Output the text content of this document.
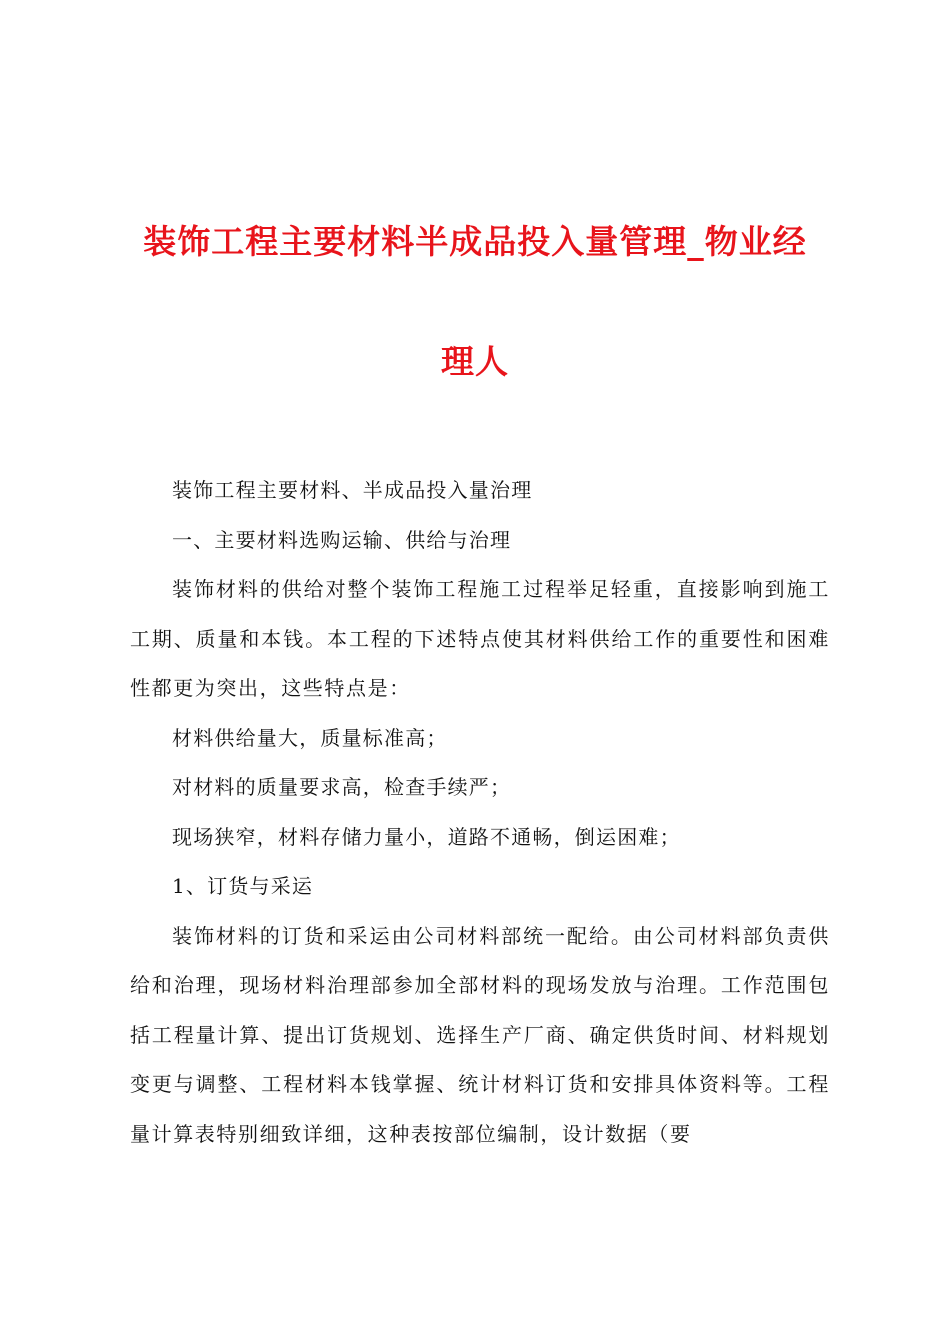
装饰工程主要材料半成品投入量管理_物业经
理人

装饰工程主要材料、半成品投入量治理

一、主要材料选购运输、供给与治理

装饰材料的供给对整个装饰工程施工过程举足轻重，直接影响到施工工期、质量和本钱。本工程的下述特点使其材料供给工作的重要性和困难性都更为突出，这些特点是：

材料供给量大，质量标准高；

对材料的质量要求高，检查手续严；

现场狭窄，材料存储力量小，道路不通畅，倒运困难；

1、订货与采运

装饰材料的订货和采运由公司材料部统一配给。由公司材料部负责供给和治理，现场材料治理部参加全部材料的现场发放与治理。工作范围包括工程量计算、提出订货规划、选择生产厂商、确定供货时间、材料规划变更与调整、工程材料本钱掌握、统计材料订货和安排具体资料等。工程量计算表特别细致详细，这种表按部位编制，设计数据（要
